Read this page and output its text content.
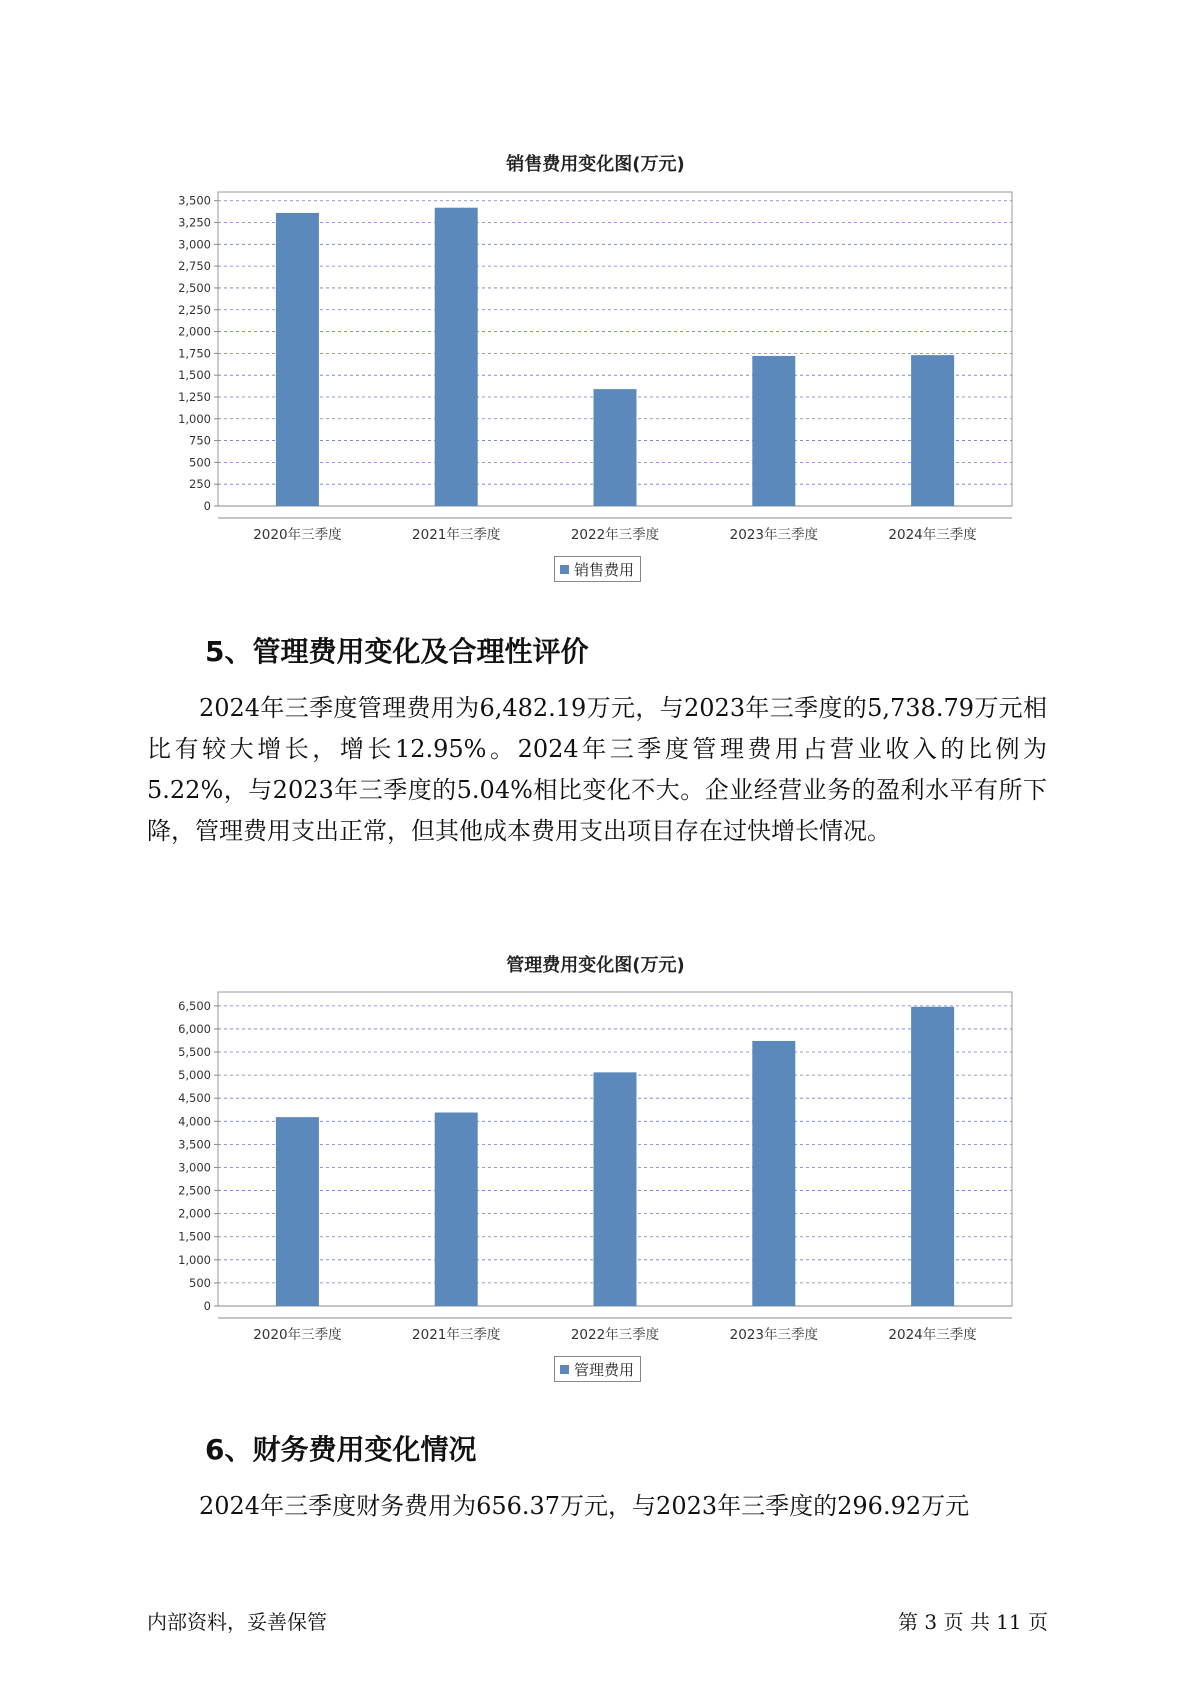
销售费用变化图(万元)
0
250
500
750
1,000
1,250
1,500
1,750
2,000
2,250
2,500
2,750
3,000
3,250
3,500
2020年三季度	2021年三季度	2022年三季度	2023年三季度	2024年三季度
销售费用
5、管理费用变化及合理性评价
2024年三季度管理费用为6,482.19万元，与2023年三季度的5,738.79万元相比有较大增长，增长12.95%。2024年三季度管理费用占营业收入的比例为5.22%，与2023年三季度的5.04%相比变化不大。企业经营业务的盈利水平有所下降，管理费用支出正常，但其他成本费用支出项目存在过快增长情况。
管理费用变化图(万元)
0
500
1,000
1,500
2,000
2,500
3,000
3,500
4,000
4,500
5,000
5,500
6,000
6,500
2020年三季度	2021年三季度	2022年三季度	2023年三季度	2024年三季度
管理费用
6、财务费用变化情况
2024年三季度财务费用为656.37万元，与2023年三季度的296.92万元
内部资料，妥善保管	第 3 页 共 11 页
